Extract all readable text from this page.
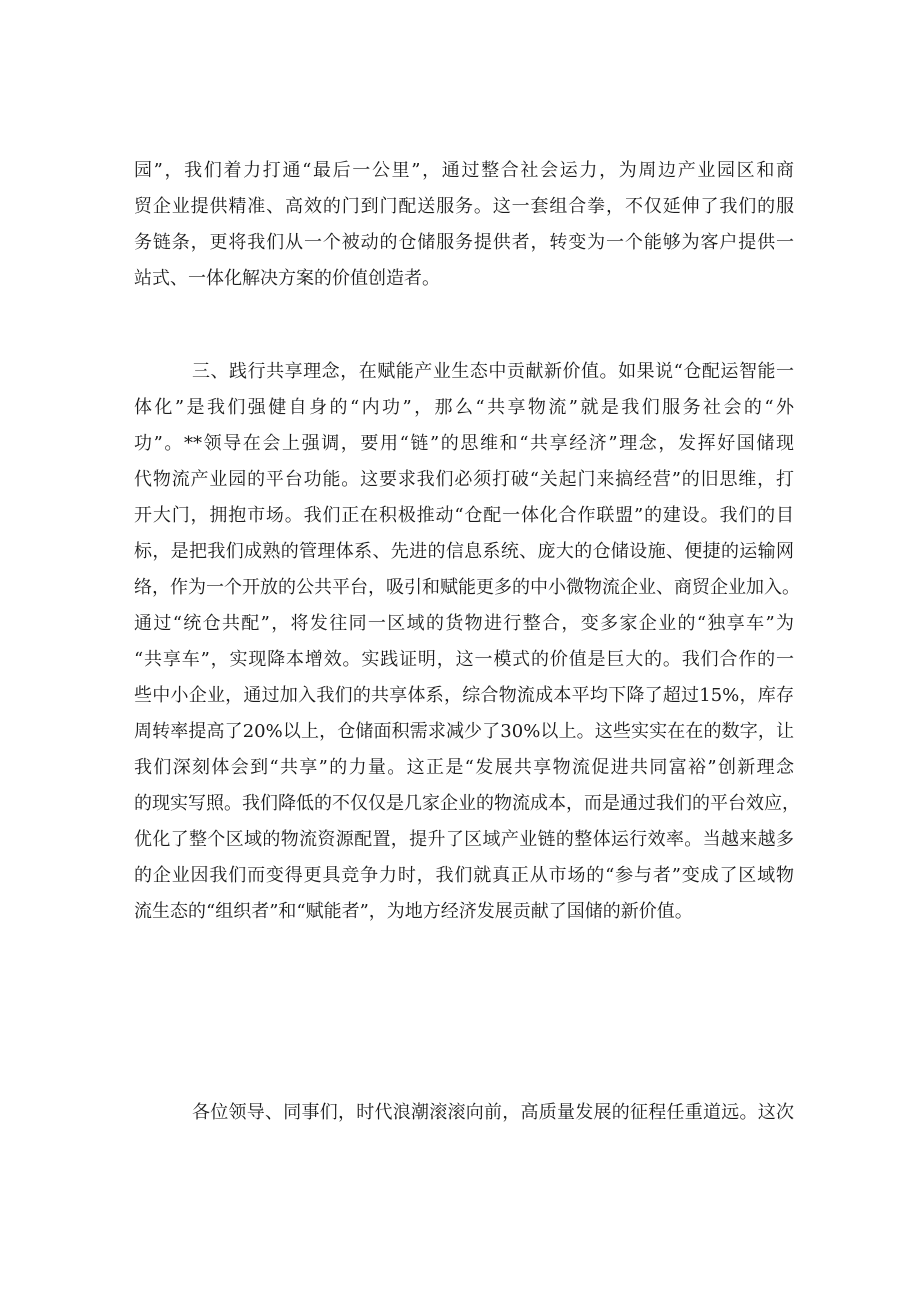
园”，我们着力打通“最后一公里”，通过整合社会运力，为周边产业园区和商
贸企业提供精准、高效的门到门配送服务。这一套组合拳，不仅延伸了我们的服
务链条，更将我们从一个被动的仓储服务提供者，转变为一个能够为客户提供一
站式、一体化解决方案的价值创造者。

三、践行共享理念，在赋能产业生态中贡献新价值。如果说“仓配运智能一
体化”是我们强健自身的“内功”，那么“共享物流”就是我们服务社会的“外
功”。**领导在会上强调，要用“链”的思维和“共享经济”理念，发挥好国储现
代物流产业园的平台功能。这要求我们必须打破“关起门来搞经营”的旧思维，打
开大门，拥抱市场。我们正在积极推动“仓配一体化合作联盟”的建设。我们的目
标，是把我们成熟的管理体系、先进的信息系统、庞大的仓储设施、便捷的运输网
络，作为一个开放的公共平台，吸引和赋能更多的中小微物流企业、商贸企业加入。
通过“统仓共配”，将发往同一区域的货物进行整合，变多家企业的“独享车”为
“共享车”，实现降本增效。实践证明，这一模式的价值是巨大的。我们合作的一
些中小企业，通过加入我们的共享体系，综合物流成本平均下降了超过15%，库存
周转率提高了20%以上，仓储面积需求减少了30%以上。这些实实在在的数字，让
我们深刻体会到“共享”的力量。这正是“发展共享物流促进共同富裕”创新理念
的现实写照。我们降低的不仅仅是几家企业的物流成本，而是通过我们的平台效应，
优化了整个区域的物流资源配置，提升了区域产业链的整体运行效率。当越来越多
的企业因我们而变得更具竞争力时，我们就真正从市场的“参与者”变成了区域物
流生态的“组织者”和“赋能者”，为地方经济发展贡献了国储的新价值。

各位领导、同事们，时代浪潮滚滚向前，高质量发展的征程任重道远。这次
